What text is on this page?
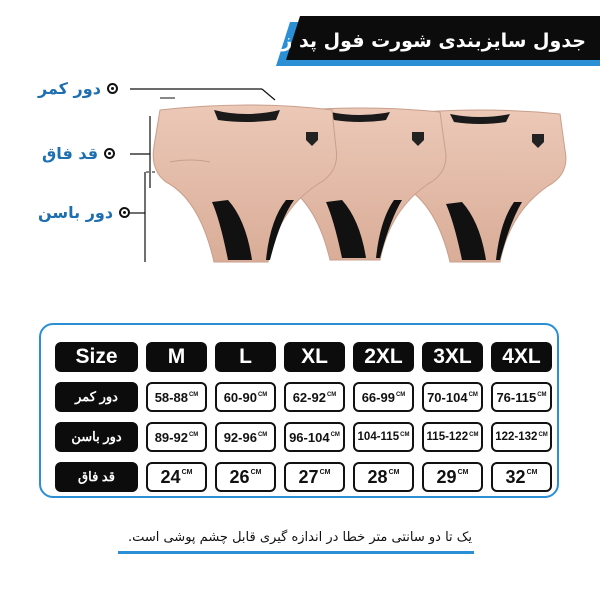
جدول سایزبندی شورت فول پد زنانه
دور کمر
قد فاق
دور باسن
Size	M	L	XL	2XL	3XL	4XL
دور کمر	$58-88^{CM}$ $60-90^{CM}$ $62-92^{CM}$ $66-99^{CM}$ $70-104^{CM}$ $76-115^{CM}$
دور باسن	$89-92^{CM}$ $92-96^{CM}$ $96-104^{CM}$ $104-115^{CM}$ $115-122^{CM}$ $122-132^{CM}$
قد فاق	$24^{CM}$ $26^{CM}$ $27^{CM}$ $28^{CM}$ $29^{CM}$ $32^{CM}$
یک تا دو سانتی متر خطا در اندازه گیری قابل چشم پوشی است.
